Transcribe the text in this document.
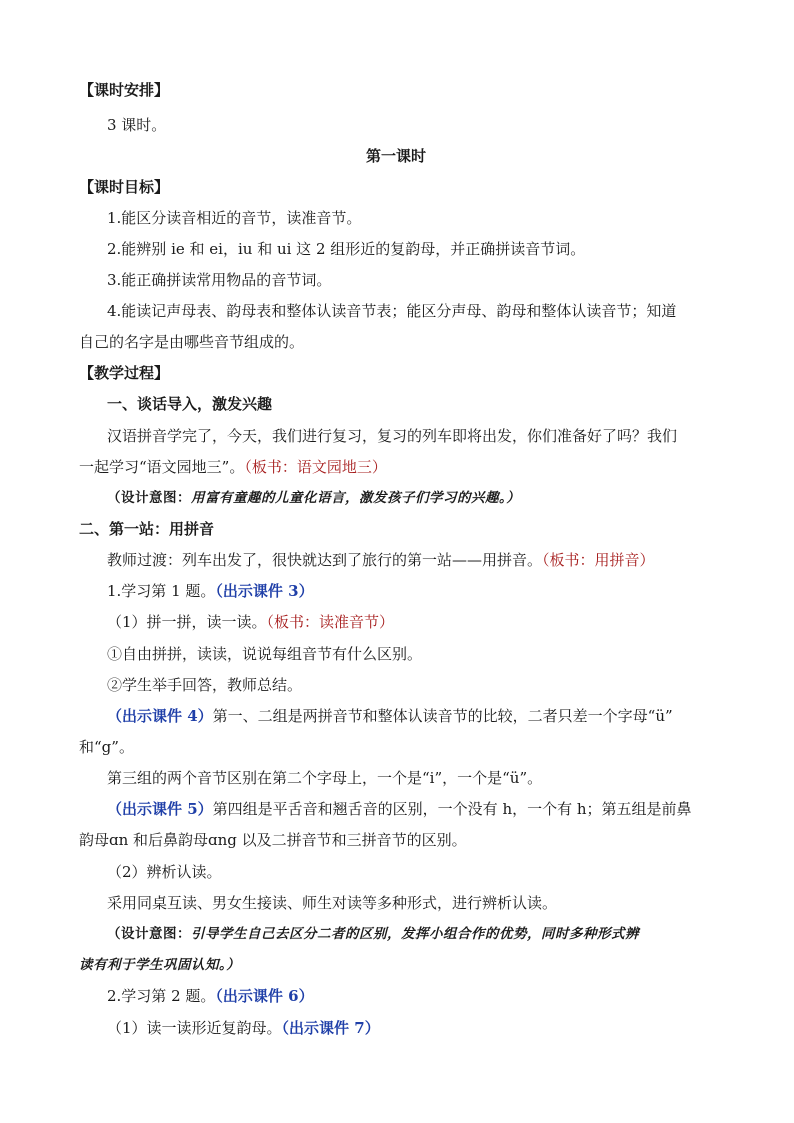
【课时安排】
3 课时。
第一课时
【课时目标】
1.能区分读音相近的音节，读准音节。
2.能辨别 ie 和 ei，iu 和 ui 这 2 组形近的复韵母，并正确拼读音节词。
3.能正确拼读常用物品的音节词。
4.能读记声母表、韵母表和整体认读音节表；能区分声母、韵母和整体认读音节；知道
自己的名字是由哪些音节组成的。
【教学过程】
一、谈话导入，激发兴趣
汉语拼音学完了，今天，我们进行复习，复习的列车即将出发，你们准备好了吗？我们
一起学习“语文园地三”。（板书：语文园地三）
（设计意图：用富有童趣的儿童化语言，激发孩子们学习的兴趣。）
二、第一站：用拼音
教师过渡：列车出发了，很快就达到了旅行的第一站——用拼音。（板书：用拼音）
1.学习第 1 题。（出示课件 3）
（1）拼一拼，读一读。（板书：读准音节）
①自由拼拼，读读，说说每组音节有什么区别。
②学生举手回答，教师总结。
（出示课件 4）第一、二组是两拼音节和整体认读音节的比较，二者只差一个字母“ü”
和“g”。
第三组的两个音节区别在第二个字母上，一个是“i”，一个是“ü”。
（出示课件 5）第四组是平舌音和翘舌音的区别，一个没有 h，一个有 h；第五组是前鼻
韵母ɑn 和后鼻韵母ɑng 以及二拼音节和三拼音节的区别。
（2）辨析认读。
采用同桌互读、男女生接读、师生对读等多种形式，进行辨析认读。
（设计意图：引导学生自己去区分二者的区别，发挥小组合作的优势，同时多种形式辨
读有利于学生巩固认知。）
2.学习第 2 题。（出示课件 6）
（1）读一读形近复韵母。（出示课件 7）
